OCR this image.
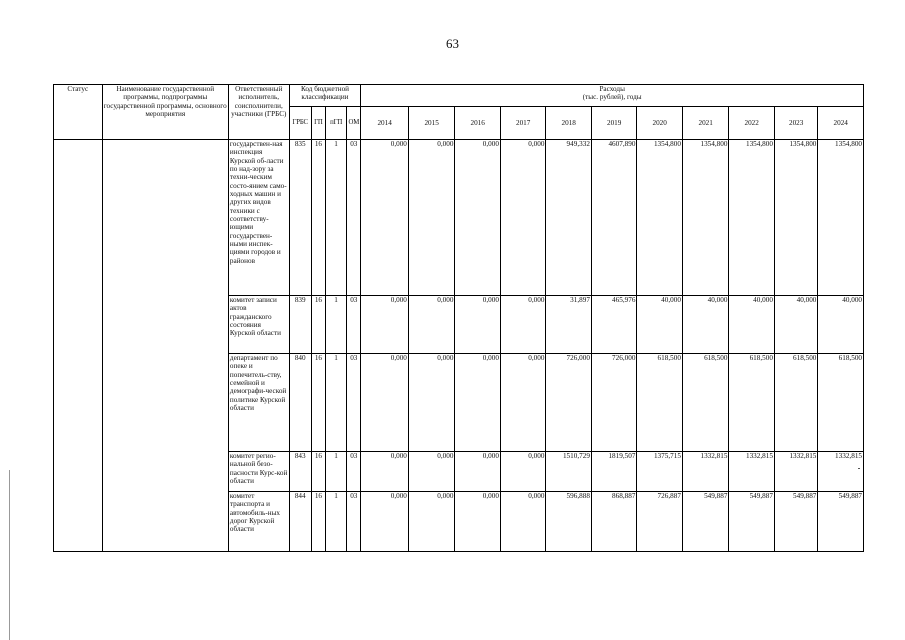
63
Статус	Наименование государственной программы, подпрограммы государственной программы, основного мероприятия	Ответственный исполнитель, соисполнители, участники (ГРБС)	Код бюджетной классификации				Расходы
(тыс. рублей), годы										

			ГРБС	ГП	пГП	ОМ	2014	2015	2016	2017	2018	2019	2020	2021	2022	2023	2024
		государствен-ная инспекция Курской об-ласти по над-зору за техни-ческим состо-янием само-ходных машин и других видов техники с соответству-ющими государствен-ными инспек-циями городов и районов	835	16	1	03	0,000	0,000	0,000	0,000	949,332	4607,890	1354,800	1354,800	1354,800	1354,800	1354,800
		комитет записи актов гражданского состояния Курской области	839	16	1	03	0,000	0,000	0,000	0,000	31,897	465,976	40,000	40,000	40,000	40,000	40,000
		департамент по опеке и попечитель-ству, семейной и демографи-ческой политике Курской области	840	16	1	03	0,000	0,000	0,000	0,000	726,000	726,000	618,500	618,500	618,500	618,500	618,500
		комитет регио-нальной безо-пасности Курс-кой области	843	16	1	03	0,000	0,000	0,000	0,000	1510,729	1819,507	1375,715	1332,815	1332,815	1332,815	1332,815
		комитет транспорта и автомобиль-ных дорог Курской области	844	16	1	03	0,000	0,000	0,000	0,000	596,888	868,887	726,887	549,887	549,887	549,887	549,887
